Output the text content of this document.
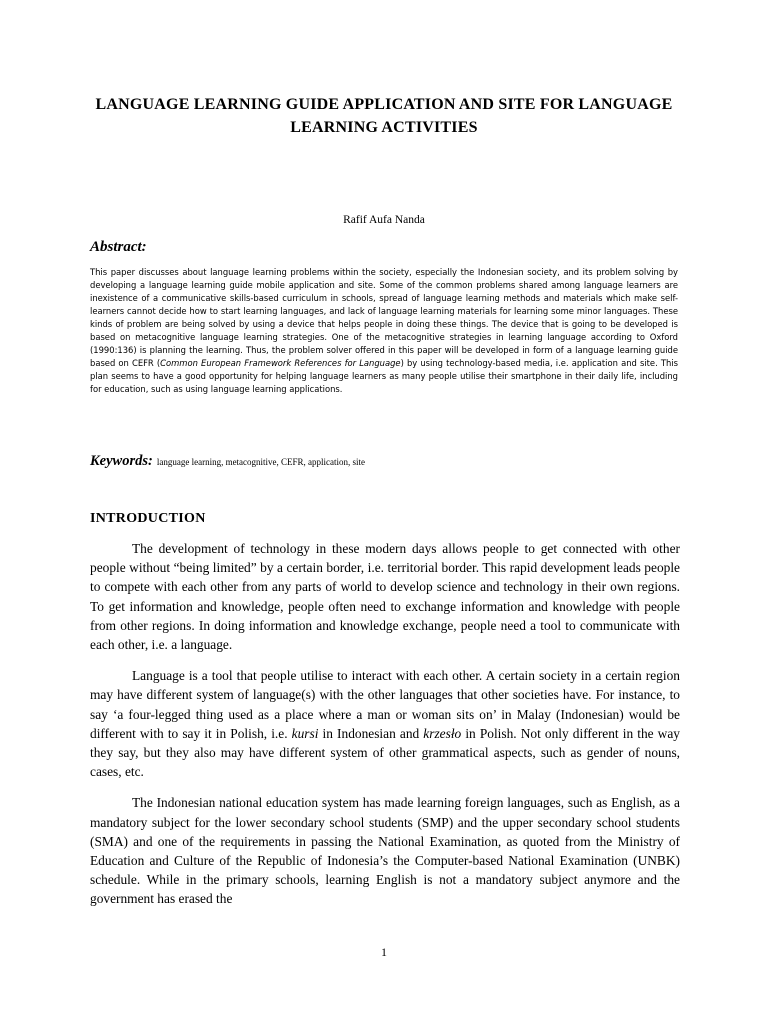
LANGUAGE LEARNING GUIDE APPLICATION AND SITE FOR LANGUAGE LEARNING ACTIVITIES
Rafif Aufa Nanda
Abstract:
This paper discusses about language learning problems within the society, especially the Indonesian society, and its problem solving by developing a language learning guide mobile application and site. Some of the common problems shared among language learners are inexistence of a communicative skills-based curriculum in schools, spread of language learning methods and materials which make self-learners cannot decide how to start learning languages, and lack of language learning materials for learning some minor languages. These kinds of problem are being solved by using a device that helps people in doing these things. The device that is going to be developed is based on metacognitive language learning strategies. One of the metacognitive strategies in learning language according to Oxford (1990:136) is planning the learning. Thus, the problem solver offered in this paper will be developed in form of a language learning guide based on CEFR (Common European Framework References for Language) by using technology-based media, i.e. application and site. This plan seems to have a good opportunity for helping language learners as many people utilise their smartphone in their daily life, including for education, such as using language learning applications.
Keywords: language learning, metacognitive, CEFR, application, site
INTRODUCTION

The development of technology in these modern days allows people to get connected with other people without “being limited” by a certain border, i.e. territorial border. This rapid development leads people to compete with each other from any parts of world to develop science and technology in their own regions. To get information and knowledge, people often need to exchange information and knowledge with people from other regions. In doing information and knowledge exchange, people need a tool to communicate with each other, i.e. a language.

Language is a tool that people utilise to interact with each other. A certain society in a certain region may have different system of language(s) with the other languages that other societies have. For instance, to say ‘a four-legged thing used as a place where a man or woman sits on’ in Malay (Indonesian) would be different with to say it in Polish, i.e. kursi in Indonesian and krzesło in Polish. Not only different in the way they say, but they also may have different system of other grammatical aspects, such as gender of nouns, cases, etc.

The Indonesian national education system has made learning foreign languages, such as English, as a mandatory subject for the lower secondary school students (SMP) and the upper secondary school students (SMA) and one of the requirements in passing the National Examination, as quoted from the Ministry of Education and Culture of the Republic of Indonesia’s the Computer-based National Examination (UNBK) schedule. While in the primary schools, learning English is not a mandatory subject anymore and the government has erased the

1
